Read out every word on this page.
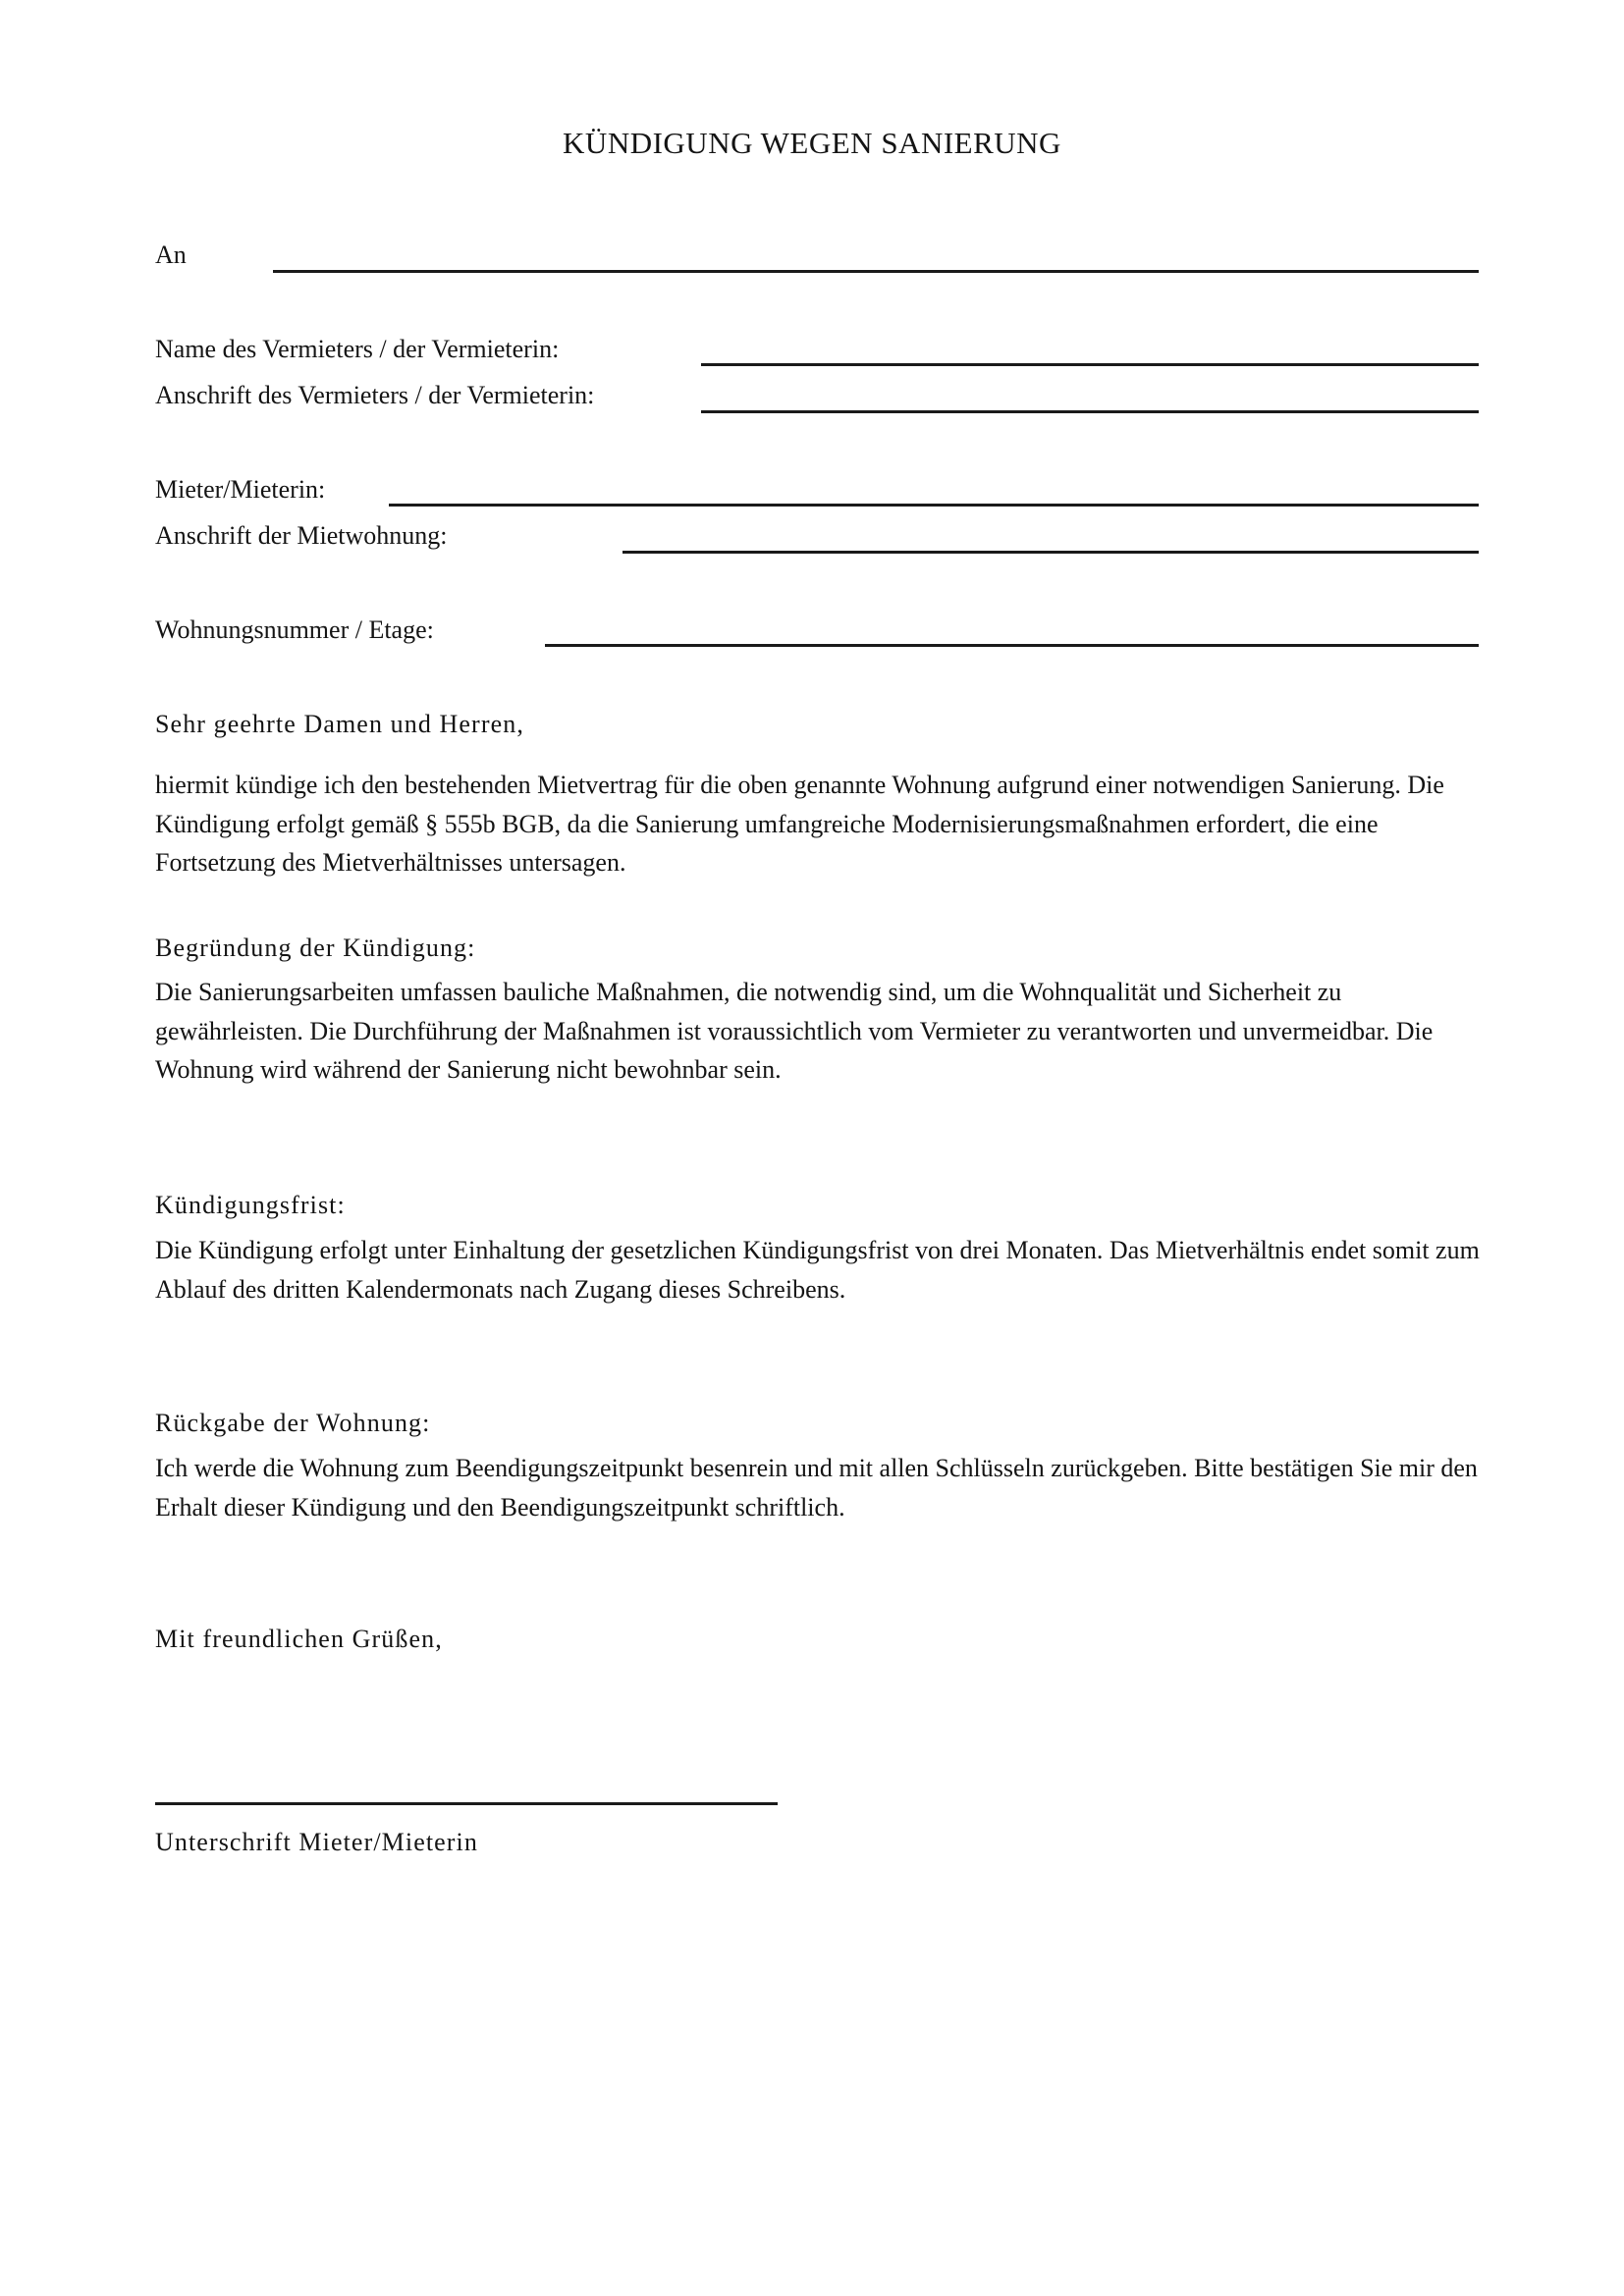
KÜNDIGUNG WEGEN SANIERUNG
An
Name des Vermieters / der Vermieterin:
Anschrift des Vermieters / der Vermieterin:
Mieter/Mieterin:
Anschrift der Mietwohnung:
Wohnungsnummer / Etage:
Sehr geehrte Damen und Herren,
hiermit kündige ich den bestehenden Mietvertrag für die oben genannte Wohnung aufgrund einer notwendigen Sanierung. Die Kündigung erfolgt gemäß § 555b BGB, da die Sanierung umfangreiche Modernisierungsmaßnahmen erfordert, die eine Fortsetzung des Mietverhältnisses untersagen.
Begründung der Kündigung:
Die Sanierungsarbeiten umfassen bauliche Maßnahmen, die notwendig sind, um die Wohnqualität und Sicherheit zu gewährleisten. Die Durchführung der Maßnahmen ist voraussichtlich vom Vermieter zu verantworten und unvermeidbar. Die Wohnung wird während der Sanierung nicht bewohnbar sein.
Kündigungsfrist:
Die Kündigung erfolgt unter Einhaltung der gesetzlichen Kündigungsfrist von drei Monaten. Das Mietverhältnis endet somit zum Ablauf des dritten Kalendermonats nach Zugang dieses Schreibens.
Rückgabe der Wohnung:
Ich werde die Wohnung zum Beendigungszeitpunkt besenrein und mit allen Schlüsseln zurückgeben. Bitte bestätigen Sie mir den Erhalt dieser Kündigung und den Beendigungszeitpunkt schriftlich.
Mit freundlichen Grüßen,
Unterschrift Mieter/Mieterin
